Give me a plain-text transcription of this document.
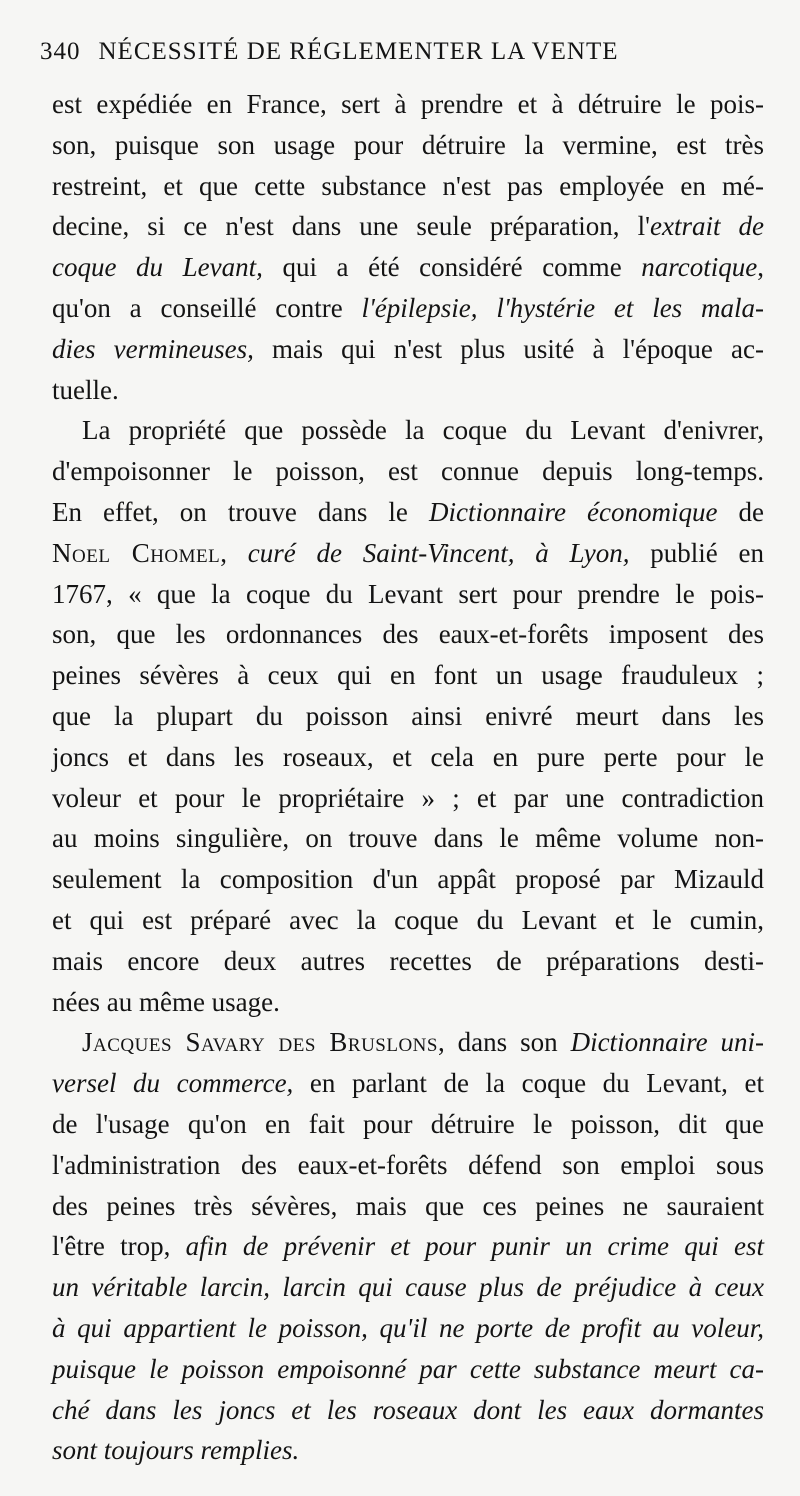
340 NÉCESSITÉ DE RÉGLEMENTER LA VENTE
est expédiée en France, sert à prendre et à détruire le pois-
son, puisque son usage pour détruire la vermine, est très
restreint, et que cette substance n'est pas employée en mé-
decine, si ce n'est dans une seule préparation, l'extrait de
coque du Levant, qui a été considéré comme narcotique,
qu'on a conseillé contre l'épilepsie, l'hystérie et les mala-
dies vermineuses, mais qui n'est plus usité à l'époque ac-
tuelle.
La propriété que possède la coque du Levant d'enivrer,
d'empoisonner le poisson, est connue depuis long-temps.
En effet, on trouve dans le Dictionnaire économique de
Noel Chomel, curé de Saint-Vincent, à Lyon, publié en
1767, « que la coque du Levant sert pour prendre le pois-
son, que les ordonnances des eaux-et-forêts imposent des
peines sévères à ceux qui en font un usage frauduleux ;
que la plupart du poisson ainsi enivré meurt dans les
joncs et dans les roseaux, et cela en pure perte pour le
voleur et pour le propriétaire » ; et par une contradiction
au moins singulière, on trouve dans le même volume non-
seulement la composition d'un appât proposé par Mizauld
et qui est préparé avec la coque du Levant et le cumin,
mais encore deux autres recettes de préparations desti-
nées au même usage.
Jacques Savary des Bruslons, dans son Dictionnaire uni-
versel du commerce, en parlant de la coque du Levant, et
de l'usage qu'on en fait pour détruire le poisson, dit que
l'administration des eaux-et-forêts défend son emploi sous
des peines très sévères, mais que ces peines ne sauraient
l'être trop, afin de prévenir et pour punir un crime qui est
un véritable larcin, larcin qui cause plus de préjudice à ceux
à qui appartient le poisson, qu'il ne porte de profit au voleur,
puisque le poisson empoisonné par cette substance meurt ca-
ché dans les joncs et les roseaux dont les eaux dormantes
sont toujours remplies.
